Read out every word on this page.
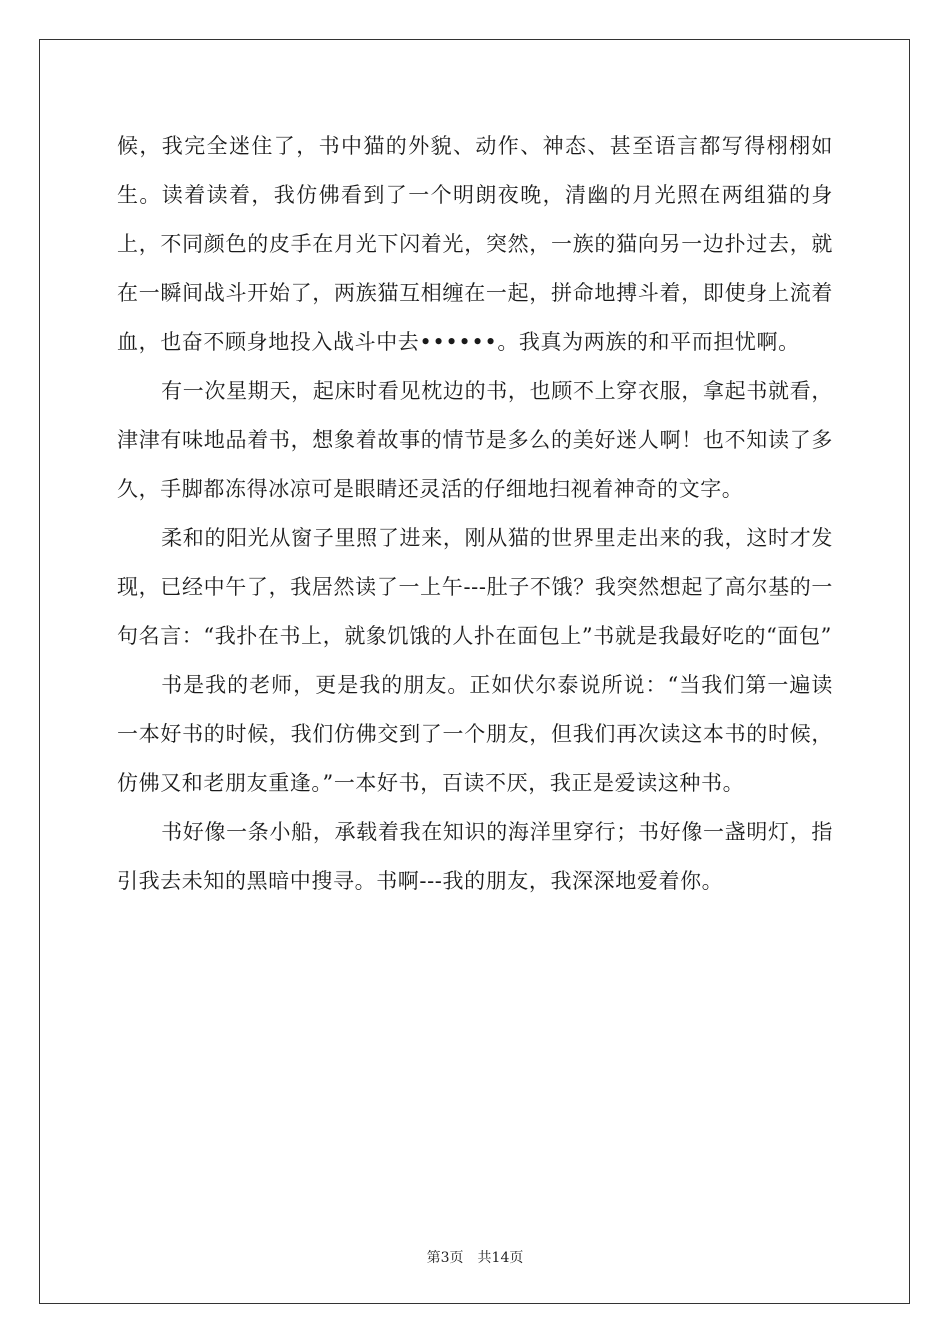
候，我完全迷住了，书中猫的外貌、动作、神态、甚至语言都写得栩栩如生。读着读着，我仿佛看到了一个明朗夜晚，清幽的月光照在两组猫的身上，不同颜色的皮手在月光下闪着光，突然，一族的猫向另一边扑过去，就在一瞬间战斗开始了，两族猫互相缠在一起，拼命地搏斗着，即使身上流着血，也奋不顾身地投入战斗中去••••••。我真为两族的和平而担忧啊。

有一次星期天，起床时看见枕边的书，也顾不上穿衣服，拿起书就看，津津有味地品着书，想象着故事的情节是多么的美好迷人啊！也不知读了多久，手脚都冻得冰凉可是眼睛还灵活的仔细地扫视着神奇的文字。

柔和的阳光从窗子里照了进来，刚从猫的世界里走出来的我，这时才发现，已经中午了，我居然读了一上午---肚子不饿？我突然想起了高尔基的一句名言：“我扑在书上，就象饥饿的人扑在面包上”书就是我最好吃的“面包”

书是我的老师，更是我的朋友。正如伏尔泰说所说：“当我们第一遍读一本好书的时候，我们仿佛交到了一个朋友，但我们再次读这本书的时候，仿佛又和老朋友重逢。”一本好书，百读不厌，我正是爱读这种书。

书好像一条小船，承载着我在知识的海洋里穿行；书好像一盏明灯，指引我去未知的黑暗中搜寻。书啊---我的朋友，我深深地爱着你。

第3页 共14页
